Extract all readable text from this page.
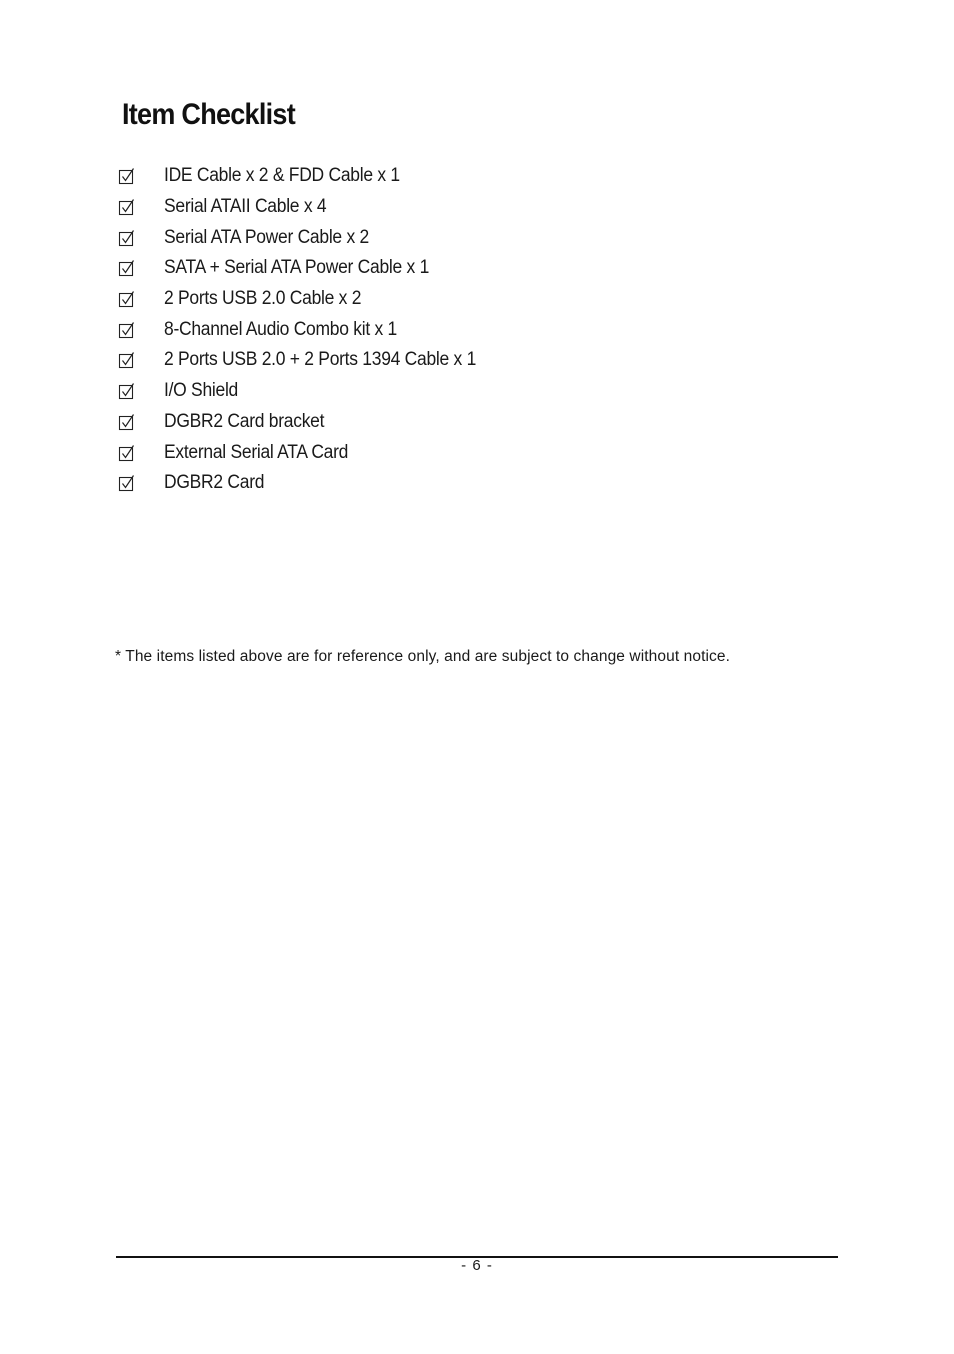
Item Checklist
IDE Cable x 2 & FDD Cable x 1
Serial ATAII Cable x 4
Serial ATA Power Cable x 2
SATA + Serial ATA Power Cable x 1
2 Ports USB 2.0 Cable x 2
8-Channel Audio Combo kit x 1
2 Ports USB 2.0 + 2 Ports 1394 Cable x 1
I/O Shield
DGBR2 Card bracket
External Serial ATA Card
DGBR2 Card

* The items listed above are for reference only, and are subject to change without notice.

- 6 -
